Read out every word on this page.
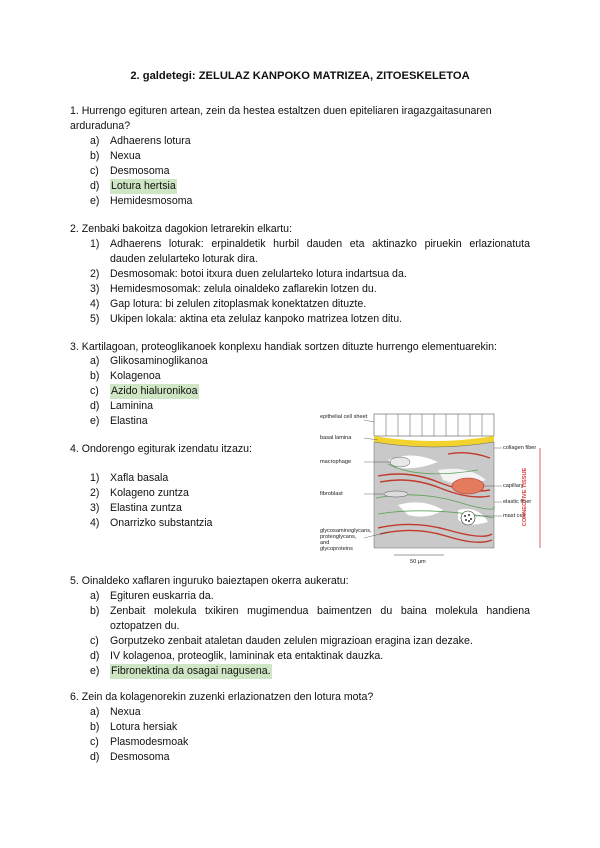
2. galdetegi: ZELULAZ KANPOKO MATRIZEA, ZITOESKELETOA
1. Hurrengo egituren artean, zein da hestea estaltzen duen epiteliaren iragazgaitasunaren arduraduna?
a) Adhaerens lotura
b) Nexua
c)	Desmosoma
d)	Lotura hertsia
e) Hemidesmosoma
2. Zenbaki bakoitza dagokion letrarekin elkartu:
1) Adhaerens loturak: erpinaldetik hurbil dauden eta aktinazko piruekin erlazionatuta dauden zelularteko loturak dira.
2) Desmosomak: botoi itxura duen zelularteko lotura indartsua da.
3) Hemidesmosomak: zelula oinaldeko zaflarekin lotzen du.
4) Gap lotura: bi zelulen zitoplasmak konektatzen dituzte.
5) Ukipen lokala: aktina eta zelulaz kanpoko matrizea lotzen ditu.
3. Kartilagoan, proteoglikanoek konplexu handiak sortzen dituzte hurrengo elementuarekin:
a) Glikosaminoglikanoa
b) Kolagenoa
c)	Azido hialuronikoa
d) Laminina
e) Elastina
4. Ondorengo egiturak izendatu itzazu:
1) Xafla basala
2) Kolageno zuntza
3) Elastina zuntza
4) Onarrizko substantzia
epithelial cell sheet
basal lamina
macrophage
fibroblast
glycosaminoglycans, proteoglycans, and
glycoproteins
collagen fiber
capillary
elastic fiber
mast cell
CONNECTIVE TISSUE
50 µm
5. Oinaldeko xaflaren inguruko baieztapen okerra aukeratu:
a) Egituren euskarria da.
b) Zenbait molekula txikiren mugimendua baimentzen du baina molekula handiena oztopatzen du.
c)	Gorputzeko zenbait ataletan dauden zelulen migrazioan eragina izan dezake.
d) IV kolagenoa, proteoglik, lamininak eta entaktinak dauzka.
e)	Fibronektina da osagai nagusena.
6. Zein da kolagenorekin zuzenki erlazionatzen den lotura mota?
a) Nexua
b) Lotura hersiak
c)	Plasmodesmoak
d) Desmosoma
